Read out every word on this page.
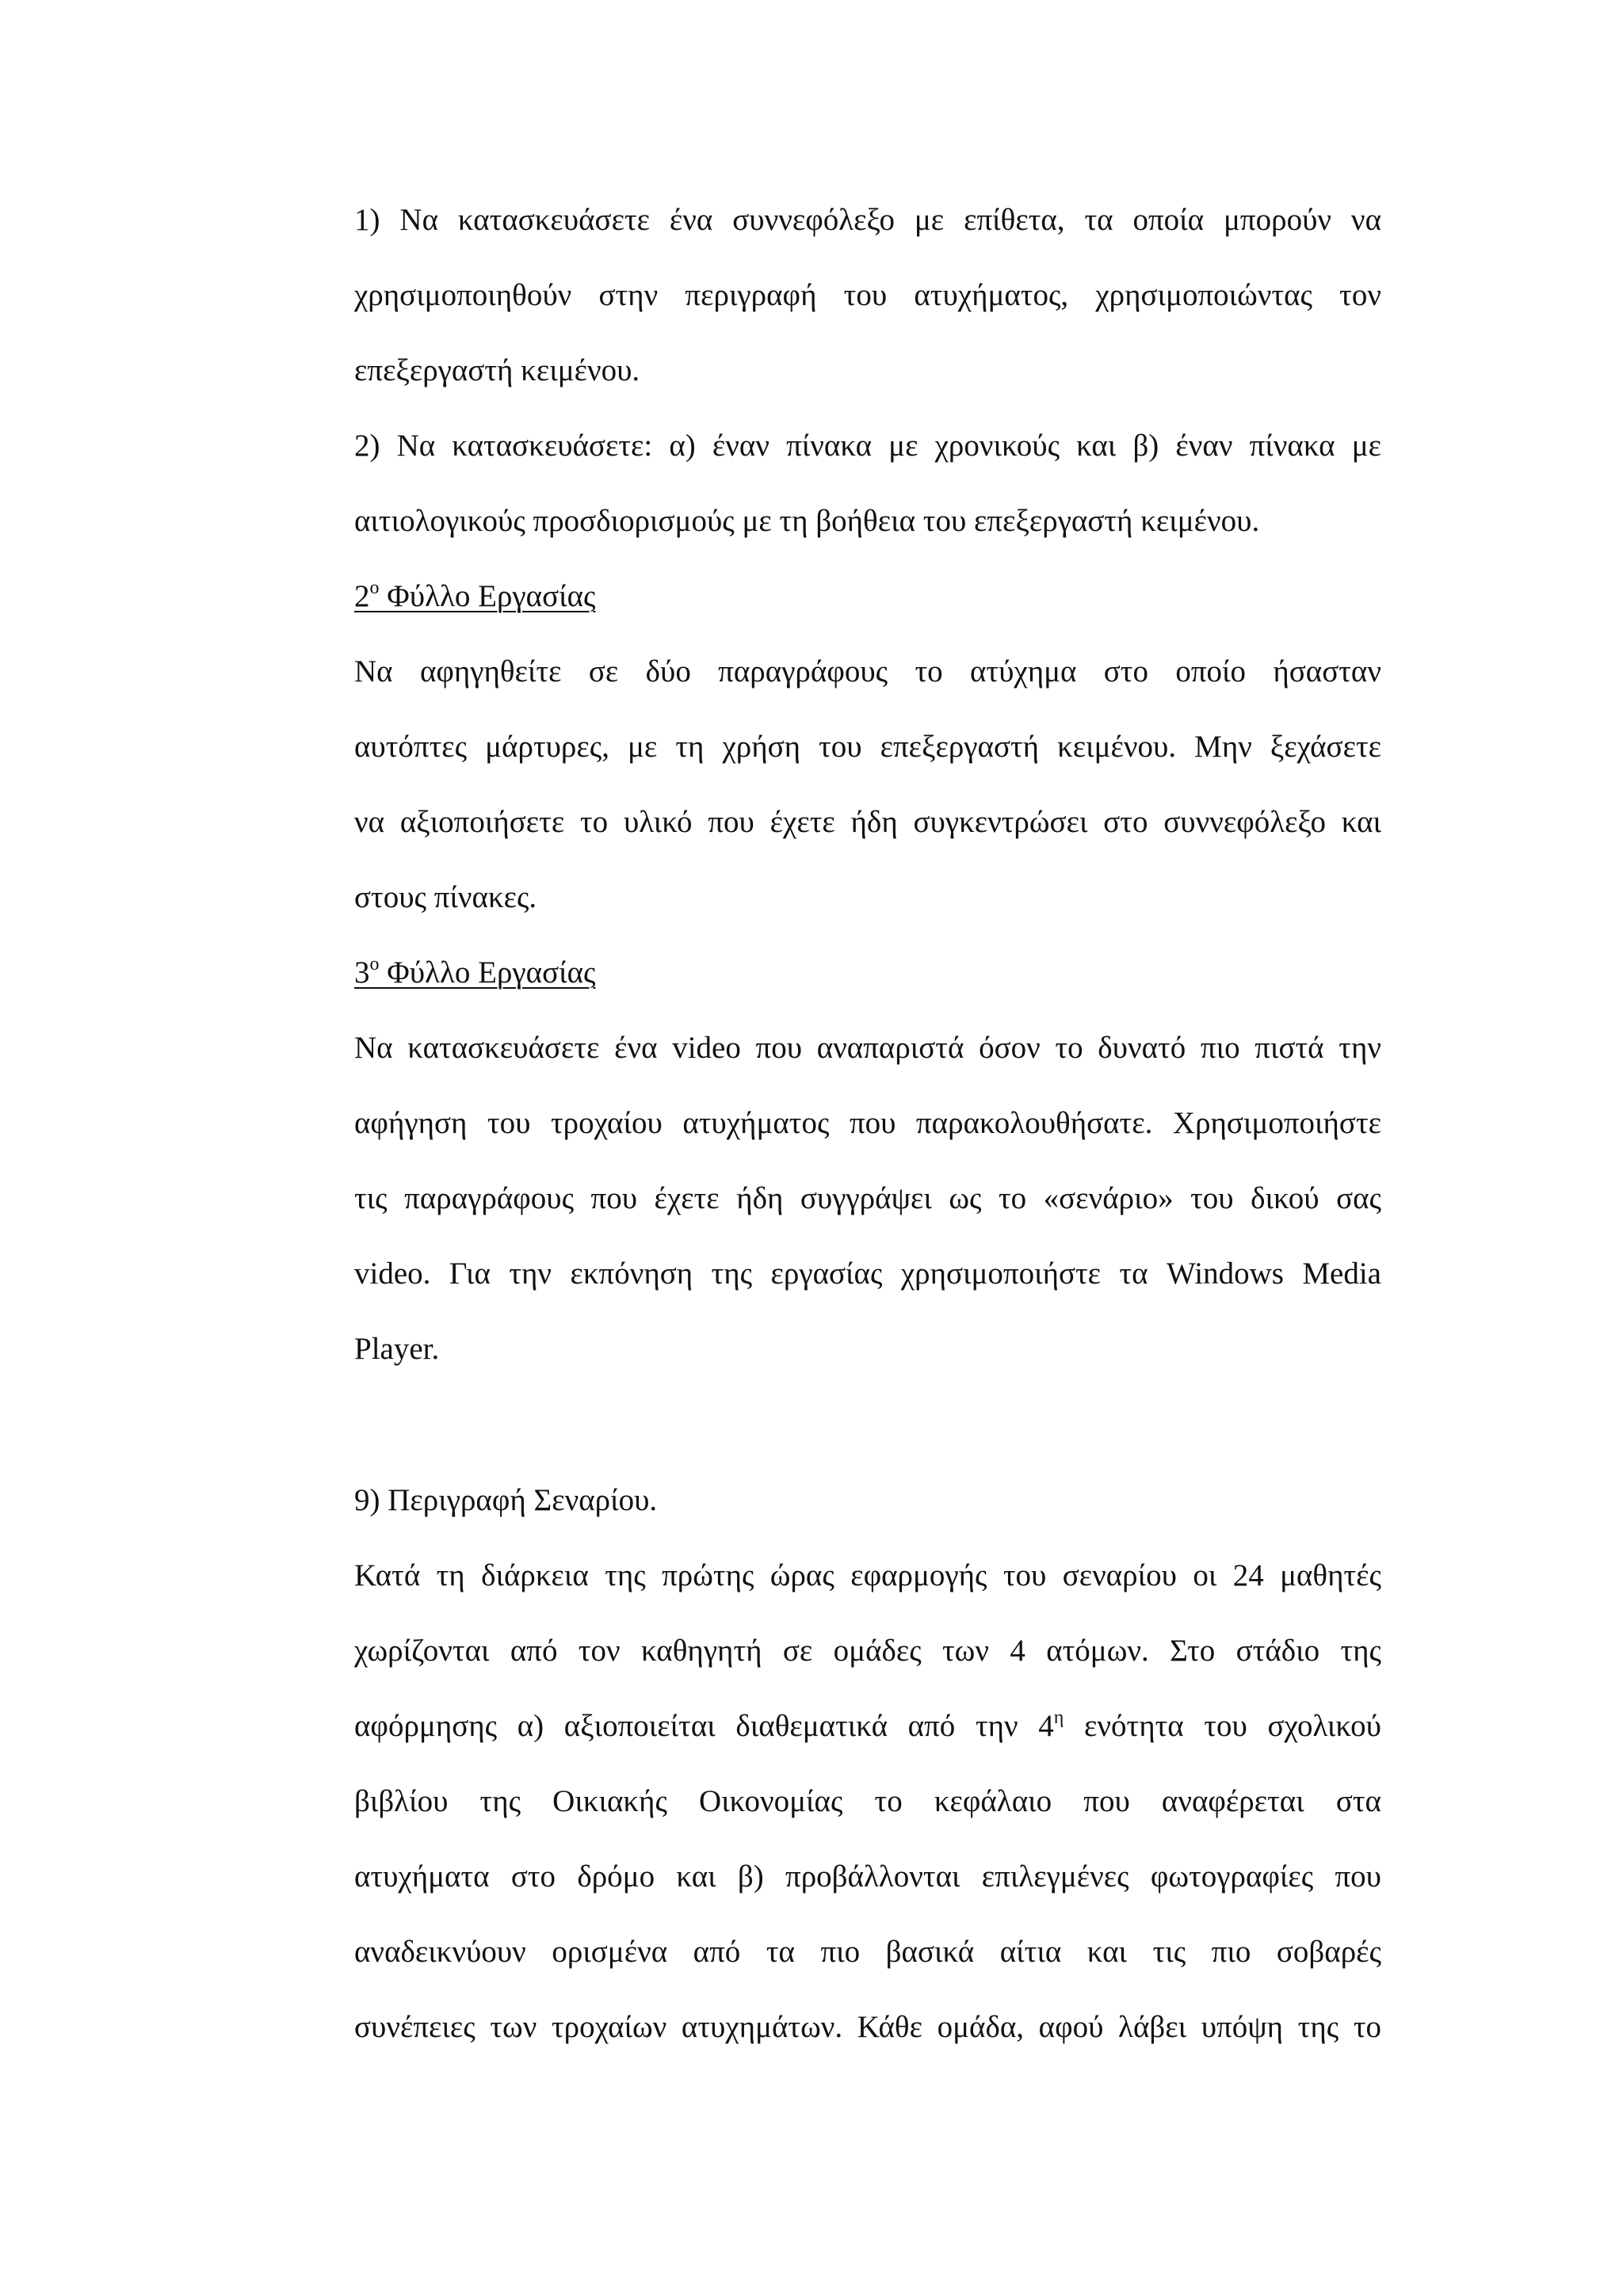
1) Να κατασκευάσετε ένα συννεφόλεξο με επίθετα, τα οποία μπορούν να

χρησιμοποιηθούν στην περιγραφή του ατυχήματος, χρησιμοποιώντας τον

επεξεργαστή κειμένου.

2) Να κατασκευάσετε: α) έναν πίνακα με χρονικούς και β) έναν πίνακα με

αιτιολογικούς προσδιορισμούς με τη βοήθεια του επεξεργαστή κειμένου.

$2^o$ Φύλλο Εργασίας

Να αφηγηθείτε σε δύο παραγράφους το ατύχημα στο οποίο ήσασταν

αυτόπτες μάρτυρες, με τη χρήση του επεξεργαστή κειμένου. Μην ξεχάσετε

να αξιοποιήσετε το υλικό που έχετε ήδη συγκεντρώσει στο συννεφόλεξο και

στους πίνακες.

$3^o$ Φύλλο Εργασίας

Να κατασκευάσετε ένα video που αναπαριστά όσον το δυνατό πιο πιστά την

αφήγηση του τροχαίου ατυχήματος που παρακολουθήσατε. Χρησιμοποιήστε

τις παραγράφους που έχετε ήδη συγγράψει ως το «σενάριο» του δικού σας

video. Για την εκπόνηση της εργασίας χρησιμοποιήστε τα Windows Media

Player.

9) Περιγραφή Σεναρίου.

Κατά τη διάρκεια της πρώτης ώρας εφαρμογής του σεναρίου οι 24 μαθητές

χωρίζονται από τον καθηγητή σε ομάδες των 4 ατόμων. Στο στάδιο της

αφόρμησης α) αξιοποιείται διαθεματικά από την $4^\eta$ ενότητα του σχολικού

βιβλίου της Οικιακής Οικονομίας το κεφάλαιο που αναφέρεται στα

ατυχήματα στο δρόμο και β) προβάλλονται επιλεγμένες φωτογραφίες που

αναδεικνύουν ορισμένα από τα πιο βασικά αίτια και τις πιο σοβαρές

συνέπειες των τροχαίων ατυχημάτων. Κάθε ομάδα, αφού λάβει υπόψη της το
